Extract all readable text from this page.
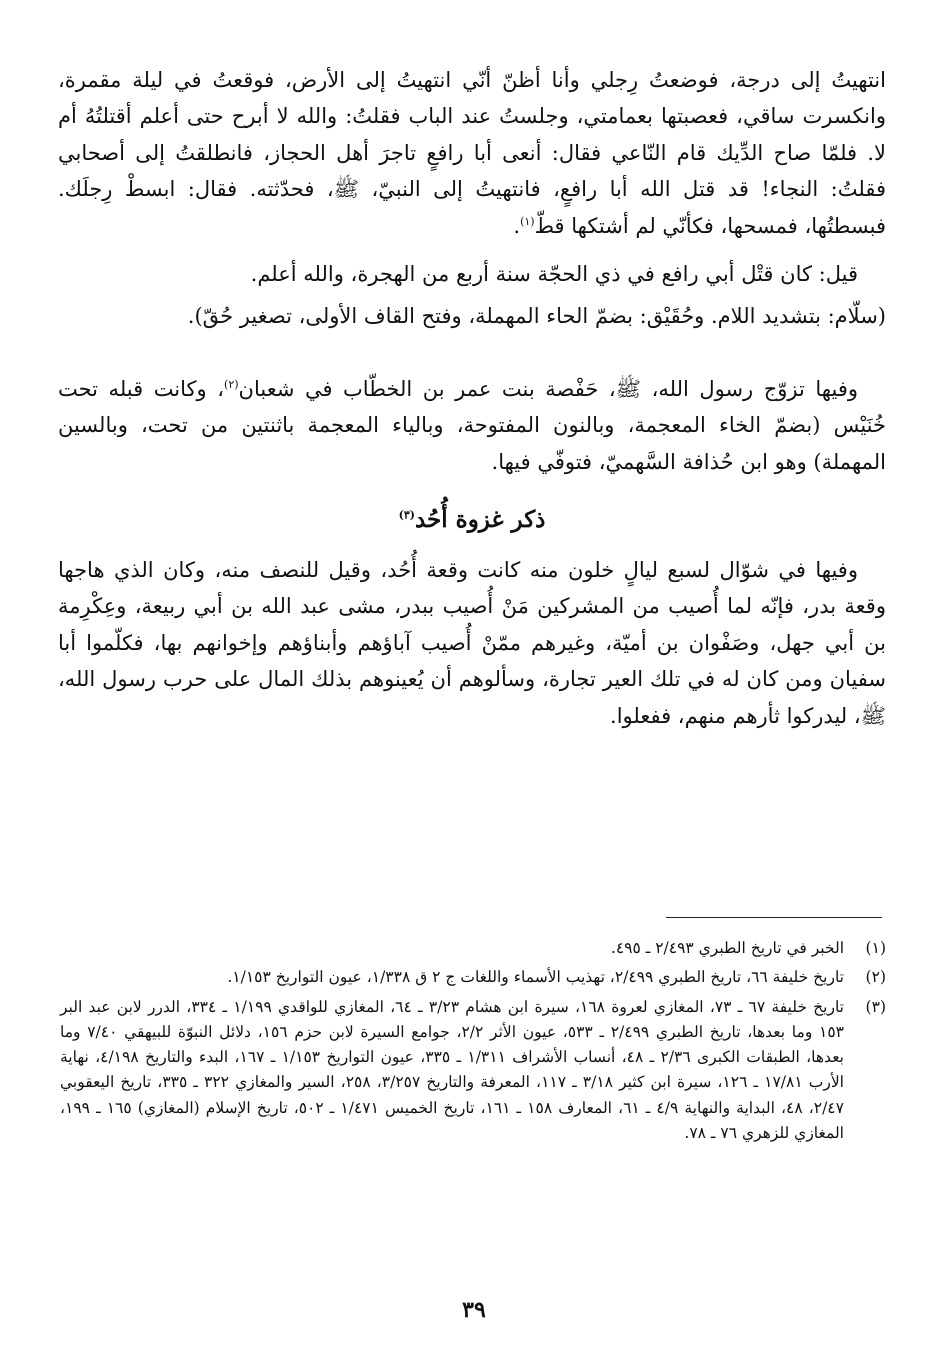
انتهيتُ إلى درجة، فوضعتُ رِجلي وأنا أظنّ أنّي انتهيتُ إلى الأرض، فوقعتُ في ليلة مقمرة، وانكسرت ساقي، فعصبتها بعمامتي، وجلستُ عند الباب فقلتُ: والله لا أبرح حتى أعلم أقتلتُهُ أم لا. فلمّا صاح الدِّيك قام النّاعي فقال: أنعى أبا رافعٍ تاجرَ أهل الحجاز، فانطلقتُ إلى أصحابي فقلتُ: النجاء! قد قتل الله أبا رافعٍ، فانتهيتُ إلى النبيّ، ﷺ، فحدّثته. فقال: ابسطْ رِجلَك. فبسطتُها، فمسحها، فكأنّي لم أشتكها قطّ$^{(١)}$.

قيل: كان قتْل أبي رافع في ذي الحجّة سنة أربع من الهجرة، والله أعلم.

(سلّام: بتشديد اللام. وحُقَيْق: بضمّ الحاء المهملة، وفتح القاف الأولى، تصغير حُقّ).

وفيها تزوّج رسول الله، ﷺ، حَفْصة بنت عمر بن الخطّاب في شعبان$^{(٢)}$، وكانت قبله تحت خُنَيْس (بضمّ الخاء المعجمة، وبالنون المفتوحة، وبالياء المعجمة باثنتين من تحت، وبالسين المهملة) وهو ابن حُذافة السَّهميّ، فتوفّي فيها.

ذكر غزوة أُحُد$^{(٣)}$

وفيها في شوّال لسبع ليالٍ خلون منه كانت وقعة أُحُد، وقيل للنصف منه، وكان الذي هاجها وقعة بدر، فإنّه لما أُصيب من المشركين مَنْ أُصيب ببدر، مشى عبد الله بن أبي ربيعة، وعِكْرِمة بن أبي جهل، وصَفْوان بن أميّة، وغيرهم ممّنْ أُصيب آباؤهم وأبناؤهم وإخوانهم بها، فكلّموا أبا سفيان ومن كان له في تلك العير تجارة، وسألوهم أن يُعينوهم بذلك المال على حرب رسول الله، ﷺ، ليدركوا ثأرهم منهم، ففعلوا.

(١)
الخبر في تاريخ الطبري ٢/٤٩٣ ـ ٤٩٥.
(٢)
تاريخ خليفة ٦٦، تاريخ الطبري ٢/٤٩٩، تهذيب الأسماء واللغات ج ٢ ق ١/٣٣٨، عيون التواريخ ١/١٥٣.
(٣)
تاريخ خليفة ٦٧ ـ ٧٣، المغازي لعروة ١٦٨، سيرة ابن هشام ٣/٢٣ ـ ٦٤، المغازي للواقدي ١/١٩٩ ـ ٣٣٤، الدرر لابن عبد البر ١٥٣ وما بعدها، تاريخ الطبري ٢/٤٩٩ ـ ٥٣٣، عيون الأثر ٢/٢، جوامع السيرة لابن حزم ١٥٦، دلائل النبوّة للبيهقي ٧/٤٠ وما بعدها، الطبقات الكبرى ٢/٣٦ ـ ٤٨، أنساب الأشراف ١/٣١١ ـ ٣٣٥، عيون التواريخ ١/١٥٣ ـ ١٦٧، البدء والتاريخ ٤/١٩٨، نهاية الأرب ١٧/٨١ ـ ١٢٦، سيرة ابن كثير ٣/١٨ ـ ١١٧، المعرفة والتاريخ ٣/٢٥٧، ٢٥٨، السير والمغازي ٣٢٢ ـ ٣٣٥، تاريخ اليعقوبي ٢/٤٧، ٤٨، البداية والنهاية ٤/٩ ـ ٦١، المعارف ١٥٨ ـ ١٦١، تاريخ الخميس ١/٤٧١ ـ ٥٠٢، تاريخ الإسلام (المغازي) ١٦٥ ـ ١٩٩، المغازي للزهري ٧٦ ـ ٧٨.
٣٩
